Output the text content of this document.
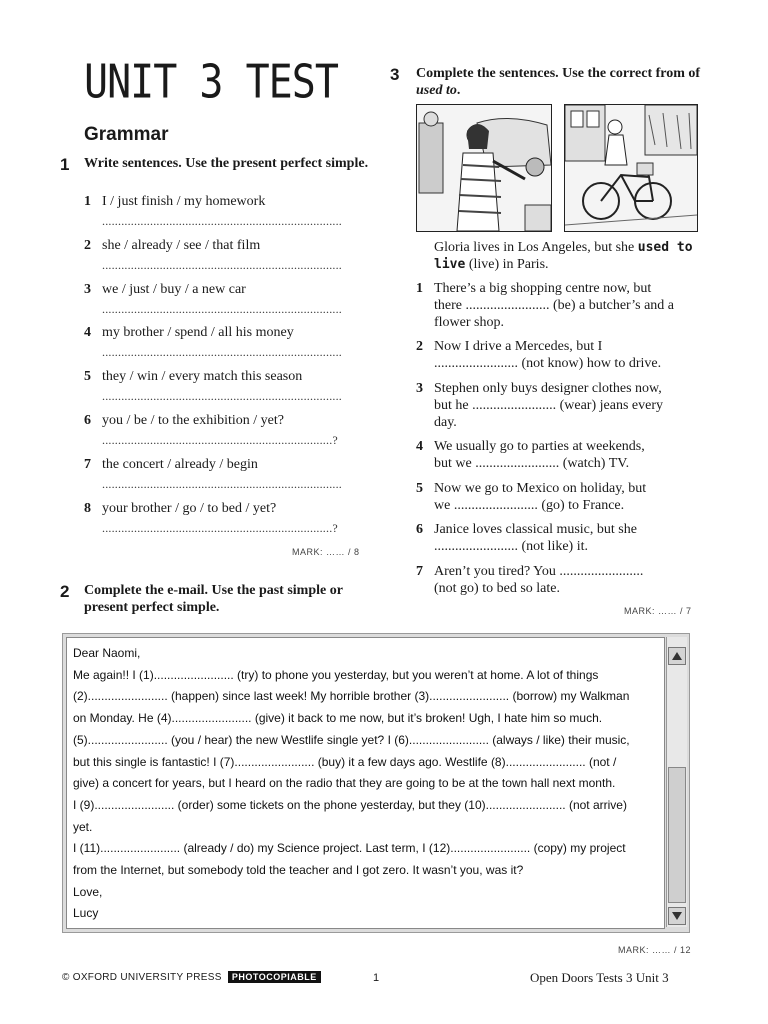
UNIT 3 TEST
Grammar
1 Write sentences. Use the present perfect simple.
1 I / just finish / my homework
...........................................................................
2 she / already / see / that film
...........................................................................
3 we / just / buy / a new car
...........................................................................
4 my brother / spend / all his money
...........................................................................
5 they / win / every match this season
...........................................................................
6 you / be / to the exhibition / yet?
........................................................................?
7 the concert / already / begin
...........................................................................
8 your brother / go / to bed / yet?
........................................................................?
MARK: …… / 8
2 Complete the e-mail. Use the past simple or present perfect simple.
3 Complete the sentences. Use the correct from of used to.
Gloria lives in Los Angeles, but she used to live (live) in Paris.
1 There’s a big shopping centre now, but
there ........................ (be) a butcher’s and a
flower shop.
2 Now I drive a Mercedes, but I
........................ (not know) how to drive.
3 Stephen only buys designer clothes now,
but he ........................ (wear) jeans every
day.
4 We usually go to parties at weekends,
but we ........................ (watch) TV.
5 Now we go to Mexico on holiday, but
we ........................ (go) to France.
6 Janice loves classical music, but she
........................ (not like) it.
7 Aren’t you tired? You ........................
(not go) to bed so late.
MARK: …… / 7
Dear Naomi,
Me again!! I (1)........................ (try) to phone you yesterday, but you weren’t at home. A lot of things
(2)........................ (happen) since last week! My horrible brother (3)........................ (borrow) my Walkman
on Monday. He (4)........................ (give) it back to me now, but it’s broken! Ugh, I hate him so much.
(5)........................ (you / hear) the new Westlife single yet? I (6)........................ (always / like) their music,
but this single is fantastic! I (7)........................ (buy) it a few days ago. Westlife (8)........................ (not /
give) a concert for years, but I heard on the radio that they are going to be at the town hall next month.
I (9)........................ (order) some tickets on the phone yesterday, but they (10)........................ (not arrive)
yet.
I (11)........................ (already / do) my Science project. Last term, I (12)........................ (copy) my project
from the Internet, but somebody told the teacher and I got zero. It wasn’t you, was it?
Love,
Lucy
MARK: …… / 12
© OXFORD UNIVERSITY PRESS PHOTOCOPIABLE	1	Open Doors Tests 3 Unit 3
